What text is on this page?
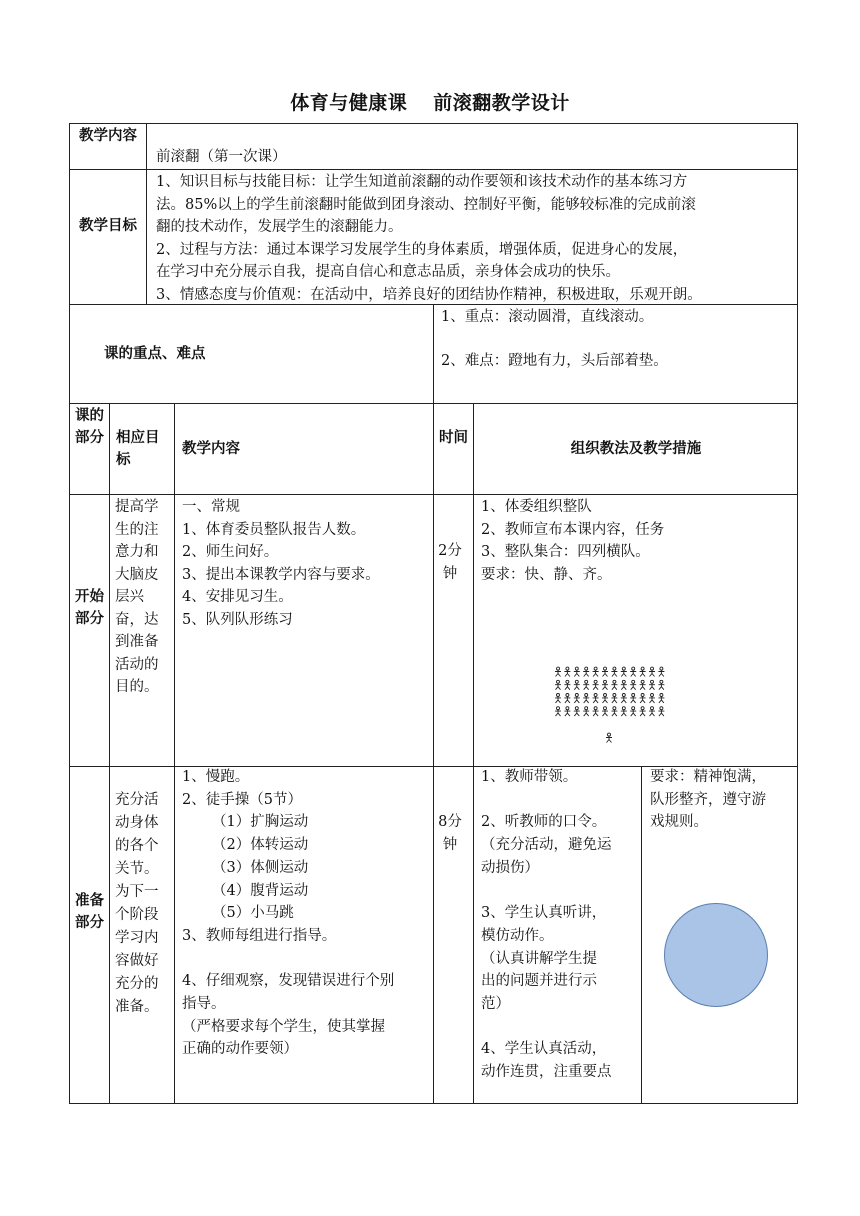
体育与健康课 前滚翻教学设计
教学内容
前滚翻（第一次课）
教学目标
1、知识目标与技能目标：让学生知道前滚翻的动作要领和该技术动作的基本练习方
法。85%以上的学生前滚翻时能做到团身滚动、控制好平衡，能够较标准的完成前滚
翻的技术动作，发展学生的滚翻能力。
2、过程与方法：通过本课学习发展学生的身体素质，增强体质，促进身心的发展，
在学习中充分展示自我，提高自信心和意志品质，亲身体会成功的快乐。
3、情感态度与价值观：在活动中，培养良好的团结协作精神，积极进取，乐观开朗。
课的重点、难点
1、重点：滚动圆滑，直线滚动。
2、难点：蹬地有力，头后部着垫。
课的部分 相应目标
教学内容
时间
组织教法及教学措施
开始部分
提高学生的注意力和大脑皮层兴奋，达到准备活动的目的。
一、常规
1、体育委员整队报告人数。
2、师生问好。
3、提出本课教学内容与要求。
4、安排见习生。
5、队列队形练习
2分钟
1、体委组织整队
2、教师宣布本课内容，任务
3、整队集合：四列横队。
要求：快、静、齐。
准备部分
充分活动身体的各个关节。为下一个阶段学习内容做好充分的准备。
1、慢跑。
2、徒手操（5节）
（1）扩胸运动
（2）体转运动
（3）体侧运动
（4）腹背运动
（5）小马跳
3、教师每组进行指导。

4、仔细观察，发现错误进行个别
指导。
（严格要求每个学生，使其掌握
正确的动作要领）
8分钟
1、教师带领。

2、听教师的口令。
（充分活动，避免运
动损伤）

3、学生认真听讲，
模仿动作。
（认真讲解学生提
出的问题并进行示
范）

4、学生认真活动，
动作连贯，注重要点
要求：精神饱满，
队形整齐，遵守游
戏规则。
